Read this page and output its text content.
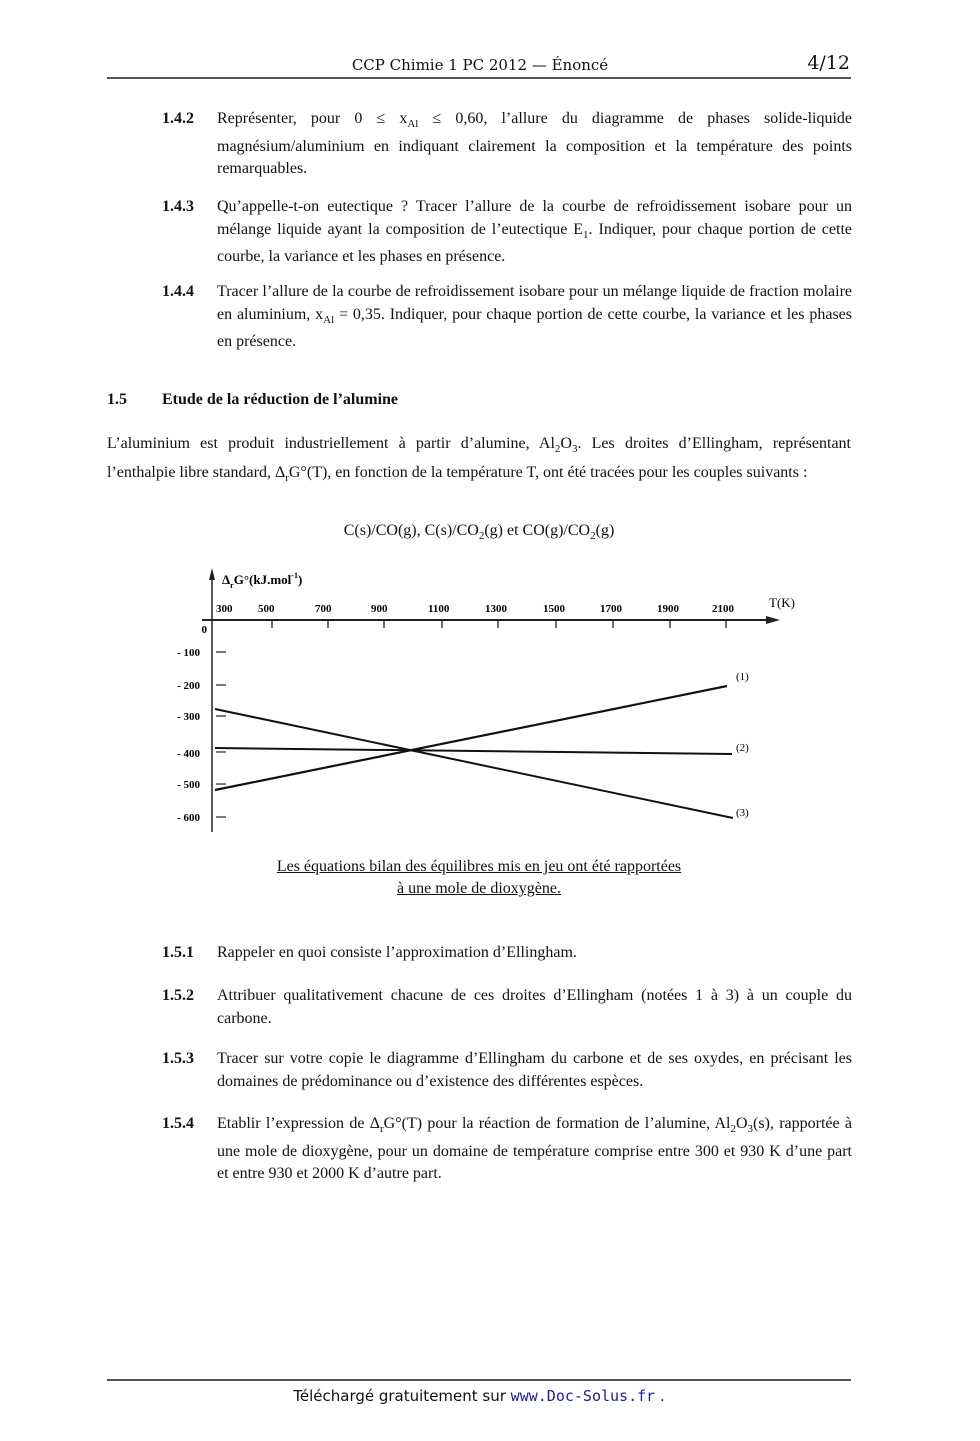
CCP Chimie 1 PC 2012 — Énoncé	4/12
1.4.2 Représenter, pour $0 \le x_{Al} \le 0,60$, l’allure du diagramme de phases solide-liquide magnésium/aluminium en indiquant clairement la composition et la température des points remarquables.
1.4.3 Qu’appelle-t-on eutectique ? Tracer l’allure de la courbe de refroidissement isobare pour un mélange liquide ayant la composition de l’eutectique $E_1$. Indiquer, pour chaque portion de cette courbe, la variance et les phases en présence.
1.4.4 Tracer l’allure de la courbe de refroidissement isobare pour un mélange liquide de fraction molaire en aluminium, $x_{Al} = 0,35$. Indiquer, pour chaque portion de cette courbe, la variance et les phases en présence.
1.5 Etude de la réduction de l’alumine
L’aluminium est produit industriellement à partir d’alumine, $Al_2O_3$. Les droites d’Ellingham, représentant l’enthalpie libre standard, $\Delta_rG^\circ(T)$, en fonction de la température T, ont été tracées pour les couples suivants :
C(s)/CO(g), $C(s)/CO_2(g)$ et $CO(g)/CO_2(g)$
$\Delta_rG^\circ(kJ.mol^{-1})$
T(K)
300 500	700	900	1100	1300	1500	1700	1900	2100
0
- 100
- 200
- 300
- 400
- 500
- 600
(1)
(2)
(3)
Les équations bilan des équilibres mis en jeu ont été rapportées
à une mole de dioxygène.
1.5.1 Rappeler en quoi consiste l’approximation d’Ellingham.
1.5.2 Attribuer qualitativement chacune de ces droites d’Ellingham (notées 1 à 3) à un couple du carbone.
1.5.3 Tracer sur votre copie le diagramme d’Ellingham du carbone et de ses oxydes, en précisant les domaines de prédominance ou d’existence des différentes espèces.
1.5.4 Etablir l’expression de $\Delta_rG^\circ(T)$ pour la réaction de formation de l’alumine, $Al_2O_3(s)$, rapportée à une mole de dioxygène, pour un domaine de température comprise entre 300 et 930 K d’une part et entre 930 et 2000 K d’autre part.
Téléchargé gratuitement sur www.Doc-Solus.fr .
